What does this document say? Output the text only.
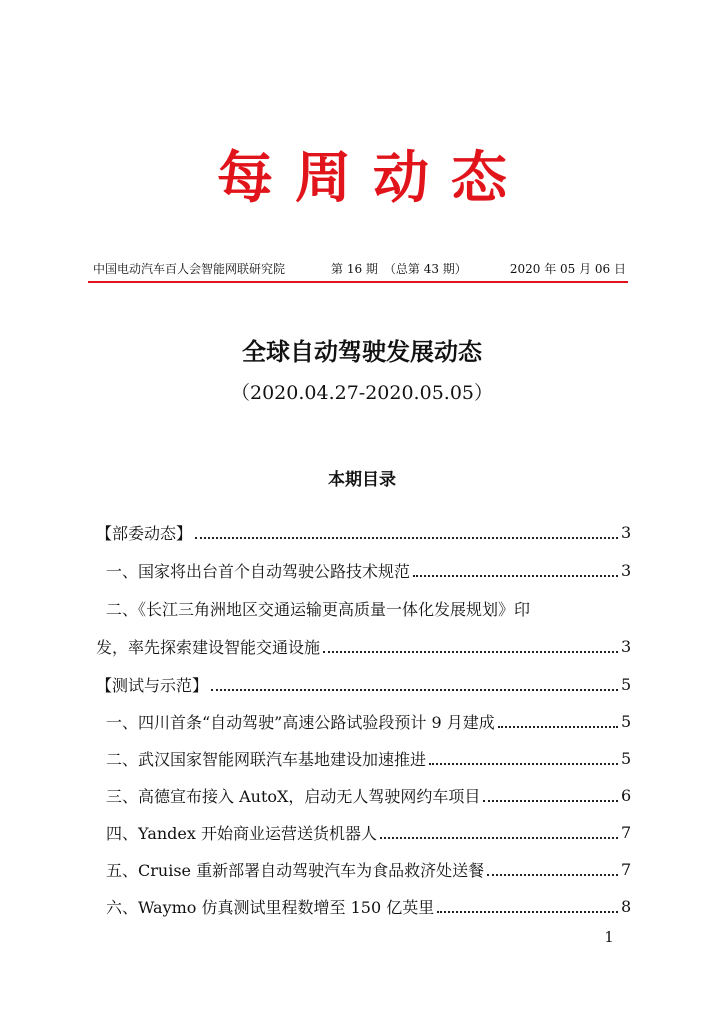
每周动态
中国电动汽车百人会智能网联研究院	第 16 期　（总第 43 期）	2020 年 05 月 06 日
全球自动驾驶发展动态
（2020.04.27-2020.05.05）
本期目录
【部委动态】	3
一、国家将出台首个自动驾驶公路技术规范	3
二、《长江三角洲地区交通运输更高质量一体化发展规划》印
发，率先探索建设智能交通设施	3
【测试与示范】	5
一、四川首条“自动驾驶”高速公路试验段预计 9 月建成	5
二、武汉国家智能网联汽车基地建设加速推进	5
三、高德宣布接入 AutoX，启动无人驾驶网约车项目	6
四、Yandex 开始商业运营送货机器人	7
五、Cruise 重新部署自动驾驶汽车为食品救济处送餐	7
六、Waymo 仿真测试里程数增至 150 亿英里	8
1
